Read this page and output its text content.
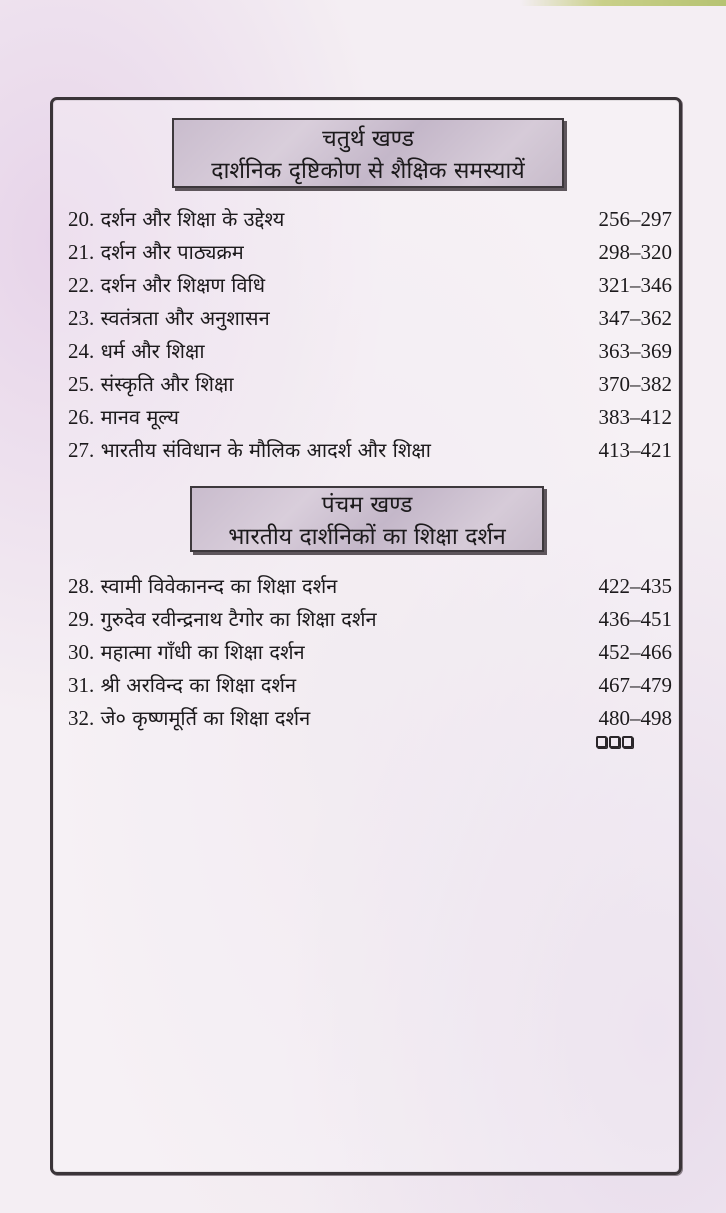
चतुर्थ खण्ड
दार्शनिक दृष्टिकोण से शैक्षिक समस्यायें
20. दर्शन और शिक्षा के उद्देश्य	256–297
21. दर्शन और पाठ्यक्रम	298–320
22. दर्शन और शिक्षण विधि	321–346
23. स्वतंत्रता और अनुशासन	347–362
24. धर्म और शिक्षा	363–369
25. संस्कृति और शिक्षा	370–382
26. मानव मूल्य	383–412
27. भारतीय संविधान के मौलिक आदर्श और शिक्षा	413–421
पंचम खण्ड
भारतीय दार्शनिकों का शिक्षा दर्शन
28. स्वामी विवेकानन्द का शिक्षा दर्शन	422–435
29. गुरुदेव रवीन्द्रनाथ टैगोर का शिक्षा दर्शन	436–451
30. महात्मा गाँधी का शिक्षा दर्शन	452–466
31. श्री अरविन्द का शिक्षा दर्शन	467–479
32. जे० कृष्णमूर्ति का शिक्षा दर्शन	480–498
